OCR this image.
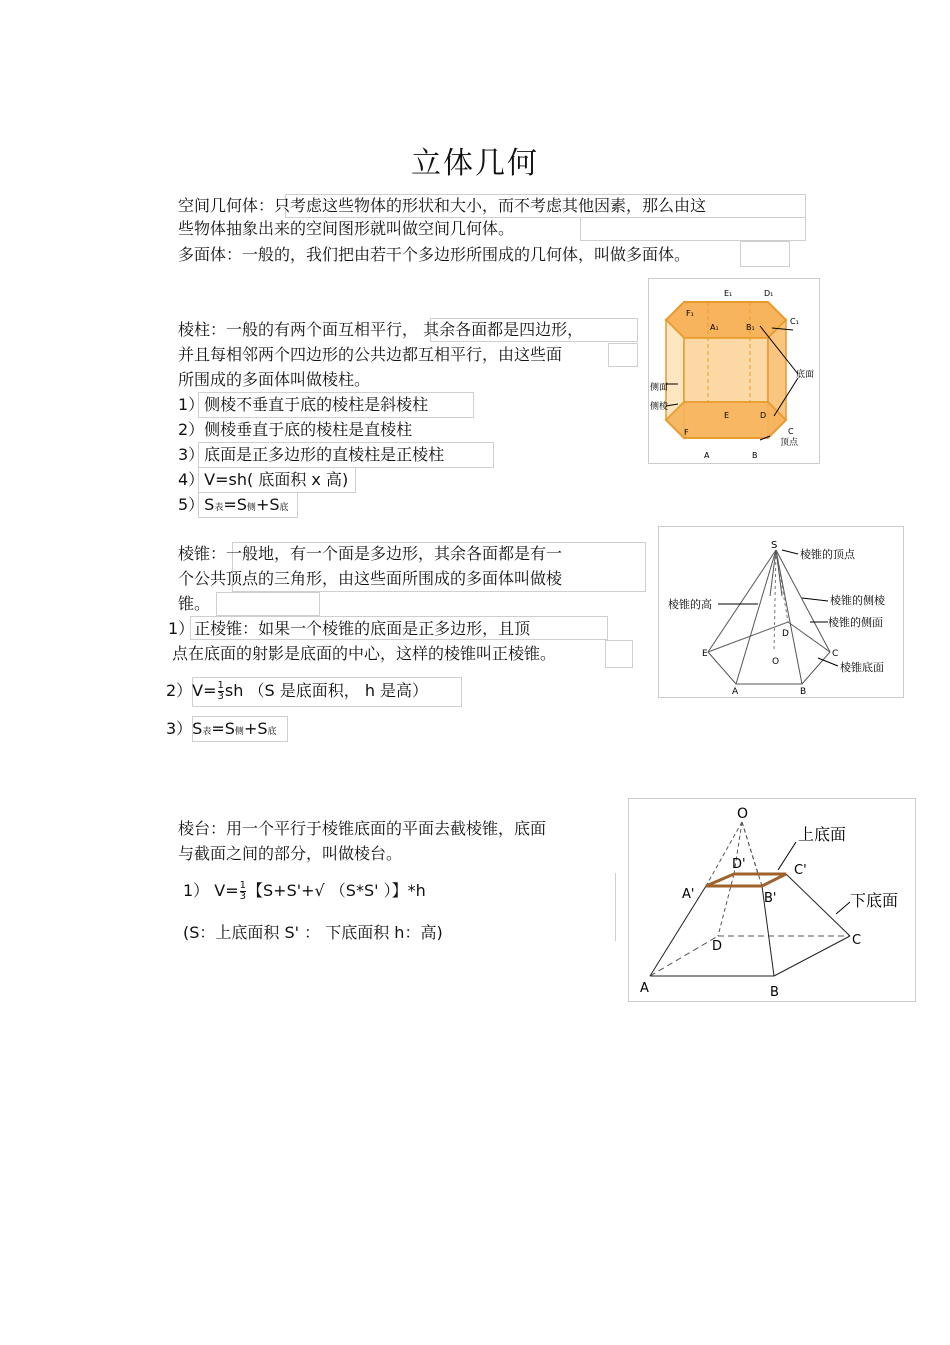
立体几何
空间几何体：只考虑这些物体的形状和大小，而不考虑其他因素，那么由这
些物体抽象出来的空间图形就叫做空间几何体。
多面体：一般的，我们把由若干个多边形所围成的几何体，叫做多面体。
棱柱：一般的有两个面互相平行， 其余各面都是四边形，
并且每相邻两个四边形的公共边都互相平行，由这些面
所围成的多面体叫做棱柱。
1）侧棱不垂直于底的棱柱是斜棱柱
2）侧棱垂直于底的棱柱是直棱柱
3）底面是正多边形的直棱柱是正棱柱
4）V=sh( 底面积 x 高)
5）S表=S侧+S底
E₁	D₁
F₁
A₁	B₁
C₁
E	D
F	C
A	B
侧面
侧棱
底面
顶点
棱锥：一般地，有一个面是多边形，其余各面都是有一
个公共顶点的三角形，由这些面所围成的多面体叫做棱
锥。
1）正棱锥：如果一个棱锥的底面是正多边形，且顶
点在底面的射影是底面的中心，这样的棱锥叫正棱锥。
$2)V= \frac{1}{3}$ sh （S 是底面积， h 是高）
3）S表=S侧+S底
S
棱锥的顶点
棱锥的高	棱锥的侧棱
棱锥的侧面
棱锥底面
A	B
C
D
E
O
棱台：用一个平行于棱锥底面的平面去截棱锥，底面
与截面之间的部分，叫做棱台。
1） $V= \frac{1}{3}$ 【S+S'+√ （S*S' ）】*h
(S：上底面积 S' ： 下底面积 h：高)
O
上底面
下底面
D'	C'
A'	B'
A	B
C
D
